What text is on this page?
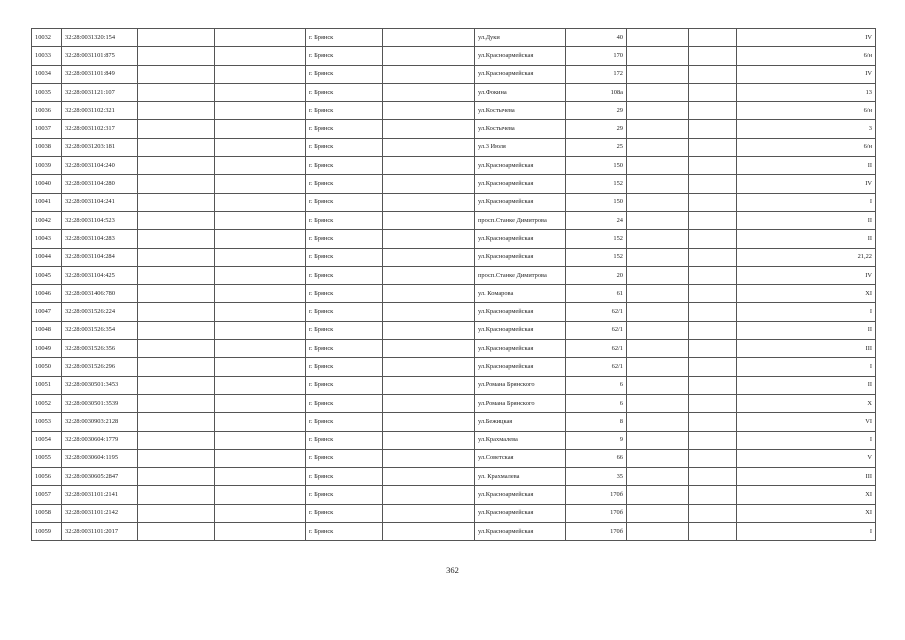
10032	32:28:0031320:154			г. Брянск		ул.Дуки	40			IV
10033	32:28:0031101:875			г. Брянск		ул.Красноармейская	170			6/н
10034	32:28:0031101:849			г. Брянск		ул.Красноармейская	172			IV
10035	32:28:0031121:107			г. Брянск		ул.Фокина	108а			13
10036	32:28:0031102:321			г. Брянск		ул.Костычева	29			6/н
10037	32:28:0031102:317			г. Брянск		ул.Костычева	29			3
10038	32:28:0031203:181			г. Брянск		ул.3 Июля	25			6/н
10039	32:28:0031104:240			г. Брянск		ул.Красноармейская	150			II
10040	32:28:0031104:280			г. Брянск		ул.Красноармейская	152			IV
10041	32:28:0031104:241			г. Брянск		ул.Красноармейская	150			I
10042	32:28:0031104:523			г. Брянск		просп.Станке Димитрова	24			II
10043	32:28:0031104:283			г. Брянск		ул.Красноармейская	152			II
10044	32:28:0031104:284			г. Брянск		ул.Красноармейская	152			21,22
10045	32:28:0031104:425			г. Брянск		просп.Станке Димитрова	20			IV
10046	32:28:0031406:780			г. Брянск		ул. Комарова	61			XI
10047	32:28:0031526:224			г. Брянск		ул.Красноармейская	62/1			I
10048	32:28:0031526:354			г. Брянск		ул.Красноармейская	62/1			II
10049	32:28:0031526:356			г. Брянск		ул.Красноармейская	62/1			III
10050	32:28:0031526:296			г. Брянск		ул.Красноармейская	62/1			I
10051	32:28:0030501:3453			г. Брянск		ул.Романа Брянского	6			II
10052	32:28:0030501:3539			г. Брянск		ул.Романа Брянского	6			X
10053	32:28:0030903:2128			г. Брянск		ул.Бежицкая	8			VI
10054	32:28:0030604:1779			г. Брянск		ул.Крахмалева	9			I
10055	32:28:0030604:1195			г. Брянск		ул.Советская	66			V
10056	32:28:0030605:2847			г. Брянск		ул. Крахмалева	35			III
10057	32:28:0031101:2141			г. Брянск		ул.Красноармейская	170б			XI
10058	32:28:0031101:2142			г. Брянск		ул.Красноармейская	170б			XI
10059	32:28:0031101:2017			г. Брянск		ул.Красноармейская	170б			I
362
